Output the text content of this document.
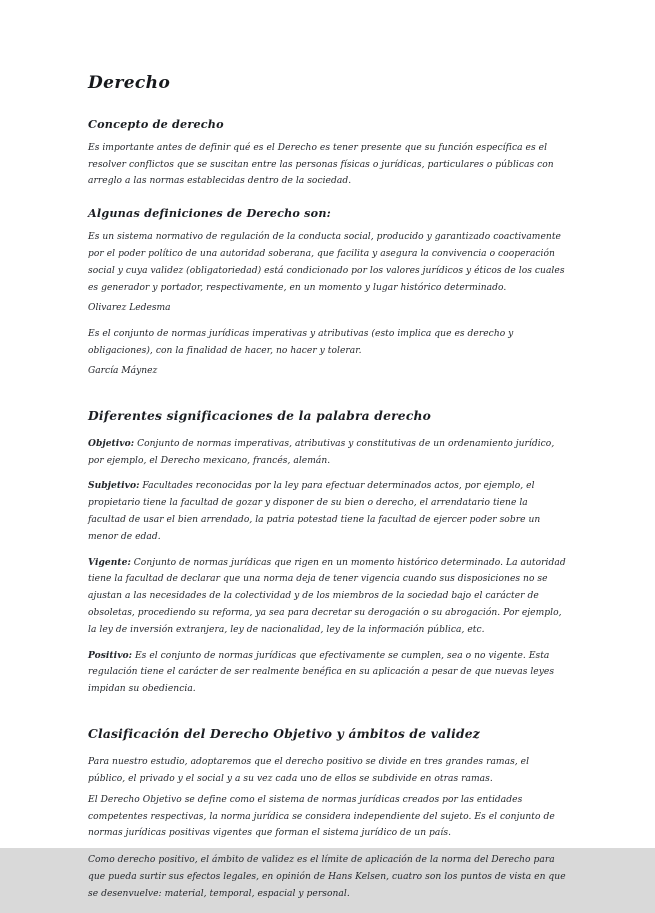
Derecho
Concepto de derecho

Es importante antes de definir qué es el Derecho es tener presente que su función específica es el resolver conflictos que se suscitan entre las personas físicas o jurídicas, particulares o públicas con arreglo a las normas establecidas dentro de la sociedad.

Algunas definiciones de Derecho son:

Es un sistema normativo de regulación de la conducta social, producido y garantizado coactivamente por el poder político de una autoridad soberana, que facilita y asegura la convivencia o cooperación social y cuya validez (obligatoriedad) está condicionado por los valores jurídicos y éticos de los cuales es generador y portador, respectivamente, en un momento y lugar histórico determinado.

Olivarez Ledesma

Es el conjunto de normas jurídicas imperativas y atributivas (esto implica que es derecho y obligaciones), con la finalidad de hacer, no hacer y tolerar.

García Máynez
Diferentes significaciones de la palabra derecho

Objetivo: Conjunto de normas imperativas, atributivas y constitutivas de un ordenamiento jurídico, por ejemplo, el Derecho mexicano, francés, alemán.

Subjetivo: Facultades reconocidas por la ley para efectuar determinados actos, por ejemplo, el propietario tiene la facultad de gozar y disponer de su bien o derecho, el arrendatario tiene la facultad de usar el bien arrendado, la patria potestad tiene la facultad de ejercer poder sobre un menor de edad.

Vigente: Conjunto de normas jurídicas que rigen en un momento histórico determinado. La autoridad tiene la facultad de declarar que una norma deja de tener vigencia cuando sus disposiciones no se ajustan a las necesidades de la colectividad y de los miembros de la sociedad bajo el carácter de obsoletas, procediendo su reforma, ya sea para decretar su derogación o su abrogación. Por ejemplo, la ley de inversión extranjera, ley de nacionalidad, ley de la información pública, etc.

Positivo: Es el conjunto de normas jurídicas que efectivamente se cumplen, sea o no vigente. Esta regulación tiene el carácter de ser realmente benéfica en su aplicación a pesar de que nuevas leyes impidan su obediencia.

Clasificación del Derecho Objetivo y ámbitos de validez

Para nuestro estudio, adoptaremos que el derecho positivo se divide en tres grandes ramas, el público, el privado y el social y a su vez cada uno de ellos se subdivide en otras ramas.

El Derecho Objetivo se define como el sistema de normas jurídicas creados por las entidades competentes respectivas, la norma jurídica se considera independiente del sujeto. Es el conjunto de normas jurídicas positivas vigentes que forman el sistema jurídico de un país.

Como derecho positivo, el ámbito de validez es el límite de aplicación de la norma del Derecho para que pueda surtir sus efectos legales, en opinión de Hans Kelsen, cuatro son los puntos de vista en que se desenvuelve: material, temporal, espacial y personal.
